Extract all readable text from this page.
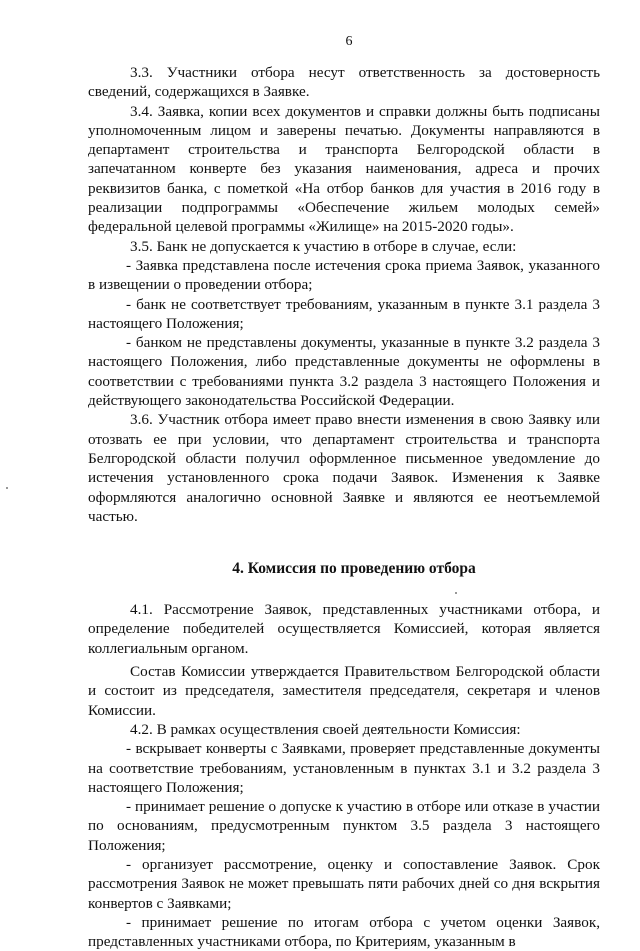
6

3.3. Участники отбора несут ответственность за достоверность сведений, содержащихся в Заявке.

3.4. Заявка, копии всех документов и справки должны быть подписаны уполномоченным лицом и заверены печатью. Документы направляются в департамент строительства и транспорта Белгородской области в запечатанном конверте без указания наименования, адреса и прочих реквизитов банка, с пометкой «На отбор банков для участия в 2016 году в реализации подпрограммы «Обеспечение жильем молодых семей» федеральной целевой программы «Жилище» на 2015-2020 годы».

3.5. Банк не допускается к участию в отборе в случае, если:

- Заявка представлена после истечения срока приема Заявок, указанного в извещении о проведении отбора;

- банк не соответствует требованиям, указанным в пункте 3.1 раздела 3 настоящего Положения;

- банком не представлены документы, указанные в пункте 3.2 раздела 3 настоящего Положения, либо представленные документы не оформлены в соответствии с требованиями пункта 3.2 раздела 3 настоящего Положения и действующего законодательства Российской Федерации.

3.6. Участник отбора имеет право внести изменения в свою Заявку или отозвать ее при условии, что департамент строительства и транспорта Белгородской области получил оформленное письменное уведомление до истечения установленного срока подачи Заявок. Изменения к Заявке оформляются аналогично основной Заявке и являются ее неотъемлемой частью.

4. Комиссия по проведению отбора

4.1. Рассмотрение Заявок, представленных участниками отбора, и определение победителей осуществляется Комиссией, которая является коллегиальным органом.

Состав Комиссии утверждается Правительством Белгородской области и состоит из председателя, заместителя председателя, секретаря и членов Комиссии.

4.2. В рамках осуществления своей деятельности Комиссия:

- вскрывает конверты с Заявками, проверяет представленные документы на соответствие требованиям, установленным в пунктах 3.1 и 3.2 раздела 3 настоящего Положения;

- принимает решение о допуске к участию в отборе или отказе в участии по основаниям, предусмотренным пунктом 3.5 раздела 3 настоящего Положения;

- организует рассмотрение, оценку и сопоставление Заявок. Срок рассмотрения Заявок не может превышать пяти рабочих дней со дня вскрытия конвертов с Заявками;

- принимает решение по итогам отбора с учетом оценки Заявок, представленных участниками отбора, по Критериям, указанным в
